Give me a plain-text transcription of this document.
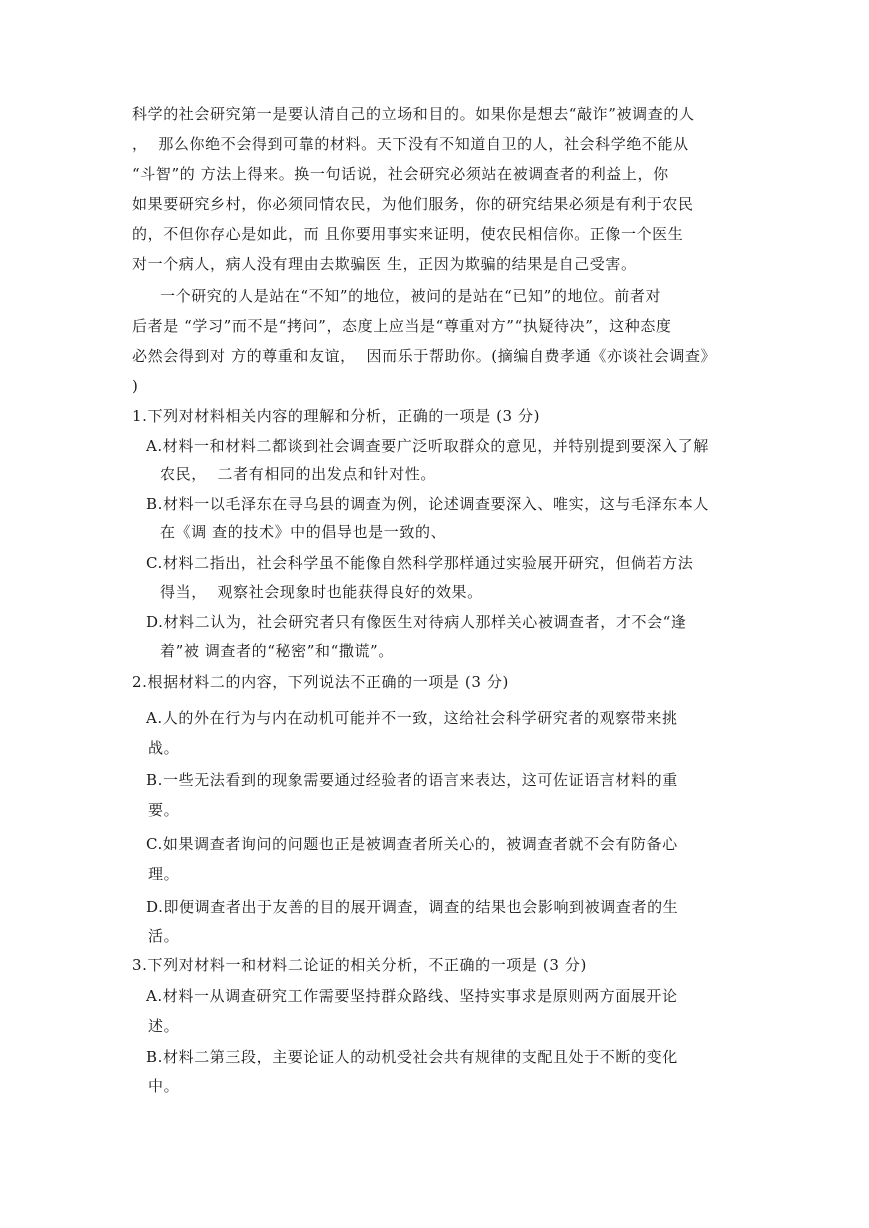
科学的社会研究第一是要认清自己的立场和目的。如果你是想去“敲诈”被调查的人
，  那么你绝不会得到可靠的材料。天下没有不知道自卫的人，社会科学绝不能从
“斗智”的 方法上得来。换一句话说，社会研究必须站在被调查者的利益上，你
如果要研究乡村，你必须同情农民，为他们服务，你的研究结果必须是有利于农民
的，不但你存心是如此，而 且你要用事实来证明，使农民相信你。正像一个医生
对一个病人，病人没有理由去欺骗医 生，正因为欺骗的结果是自己受害。
一个研究的人是站在“不知”的地位，被问的是站在“已知”的地位。前者对
后者是 “学习”而不是“拷问”，态度上应当是“尊重对方”“执疑待决”，这种态度
必然会得到对 方的尊重和友谊，  因而乐于帮助你。(摘编自费孝通《亦谈社会调查》
)
1.下列对材料相关内容的理解和分析，正确的一项是 (3 分)
A.材料一和材料二都谈到社会调查要广泛听取群众的意见，并特别提到要深入了解
农民，  二者有相同的出发点和针对性。
B.材料一以毛泽东在寻乌县的调查为例，论述调查要深入、唯实，这与毛泽东本人
在《调 查的技术》中的倡导也是一致的、
C.材料二指出，社会科学虽不能像自然科学那样通过实验展开研究，但倘若方法
得当，  观察社会现象时也能获得良好的效果。
D.材料二认为，社会研究者只有像医生对待病人那样关心被调查者，才不会“逢
着”被 调查者的“秘密”和“撒谎”。
2.根据材料二的内容，下列说法不正确的一项是 (3 分)
A.人的外在行为与内在动机可能并不一致，这给社会科学研究者的观察带来挑
战。
B.一些无法看到的现象需要通过经验者的语言来表达，这可佐证语言材料的重
要。
C.如果调查者询问的问题也正是被调查者所关心的，被调查者就不会有防备心
理。
D.即便调查者出于友善的目的展开调查，调查的结果也会影响到被调查者的生
活。
3.下列对材料一和材料二论证的相关分析，不正确的一项是 (3 分)
A.材料一从调查研究工作需要坚持群众路线、坚持实事求是原则两方面展开论
述。
B.材料二第三段，主要论证人的动机受社会共有规律的支配且处于不断的变化
中。
